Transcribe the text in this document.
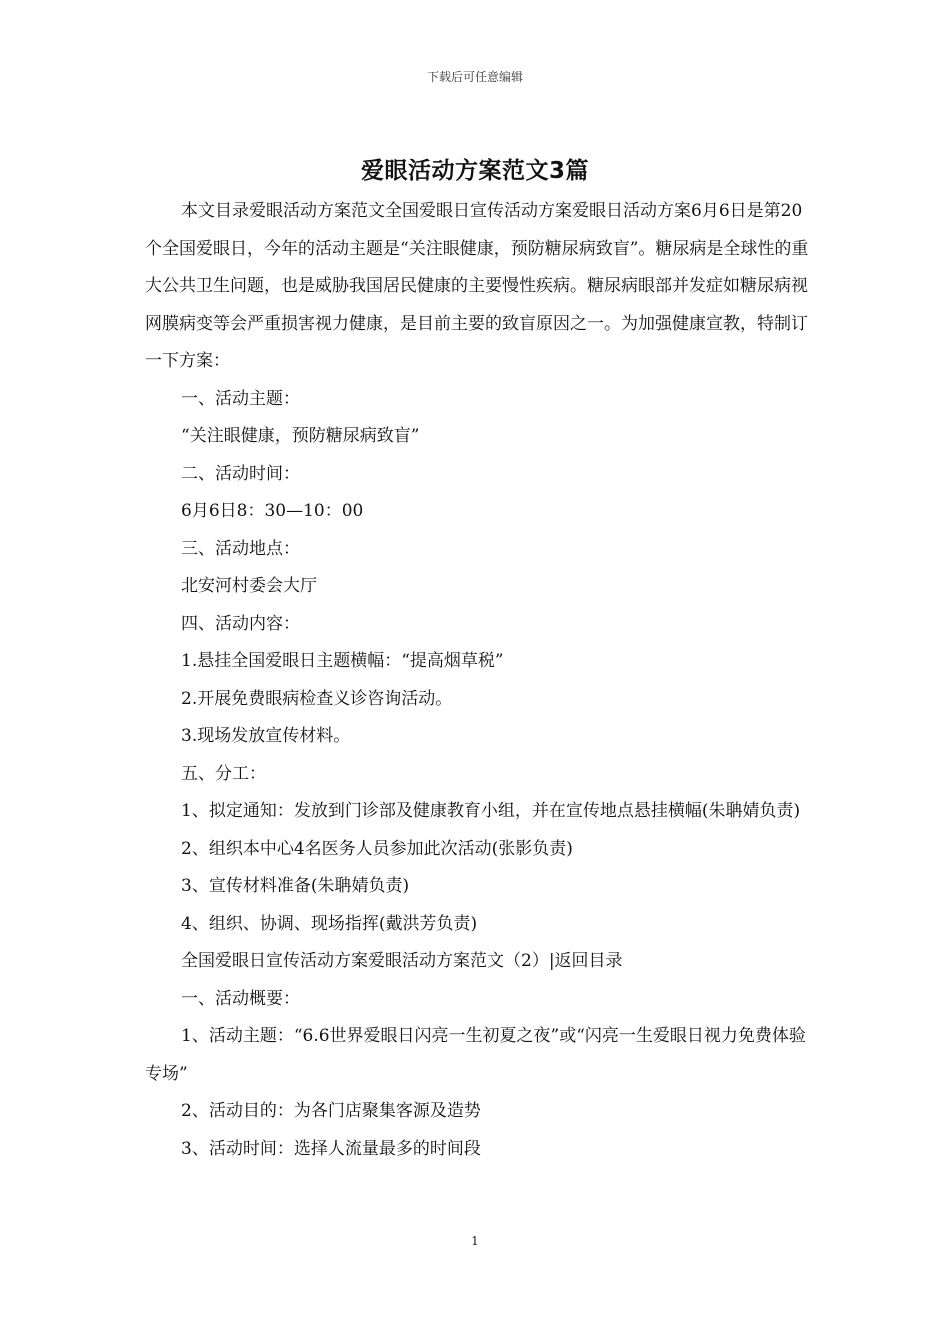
下载后可任意编辑
爱眼活动方案范文3篇

本文目录爱眼活动方案范文全国爱眼日宣传活动方案爱眼日活动方案6月6日是第20个全国爱眼日，今年的活动主题是“关注眼健康，预防糖尿病致盲”。糖尿病是全球性的重大公共卫生问题，也是威胁我国居民健康的主要慢性疾病。糖尿病眼部并发症如糖尿病视网膜病变等会严重损害视力健康，是目前主要的致盲原因之一。为加强健康宣教，特制订一下方案：

一、活动主题：

“关注眼健康，预防糖尿病致盲”

二、活动时间：

6月6日8：30—10：00

三、活动地点：

北安河村委会大厅

四、活动内容：

1.悬挂全国爱眼日主题横幅：“提高烟草税”

2.开展免费眼病检查义诊咨询活动。

3.现场发放宣传材料。

五、分工：

1、拟定通知：发放到门诊部及健康教育小组，并在宣传地点悬挂横幅(朱聃婧负责)

2、组织本中心4名医务人员参加此次活动(张影负责)

3、宣传材料准备(朱聃婧负责)

4、组织、协调、现场指挥(戴洪芳负责)

全国爱眼日宣传活动方案爱眼活动方案范文（2）|返回目录

一、活动概要：

1、活动主题：“6.6世界爱眼日闪亮一生初夏之夜”或“闪亮一生爱眼日视力免费体验专场”

2、活动目的：为各门店聚集客源及造势

3、活动时间：选择人流量最多的时间段

1
